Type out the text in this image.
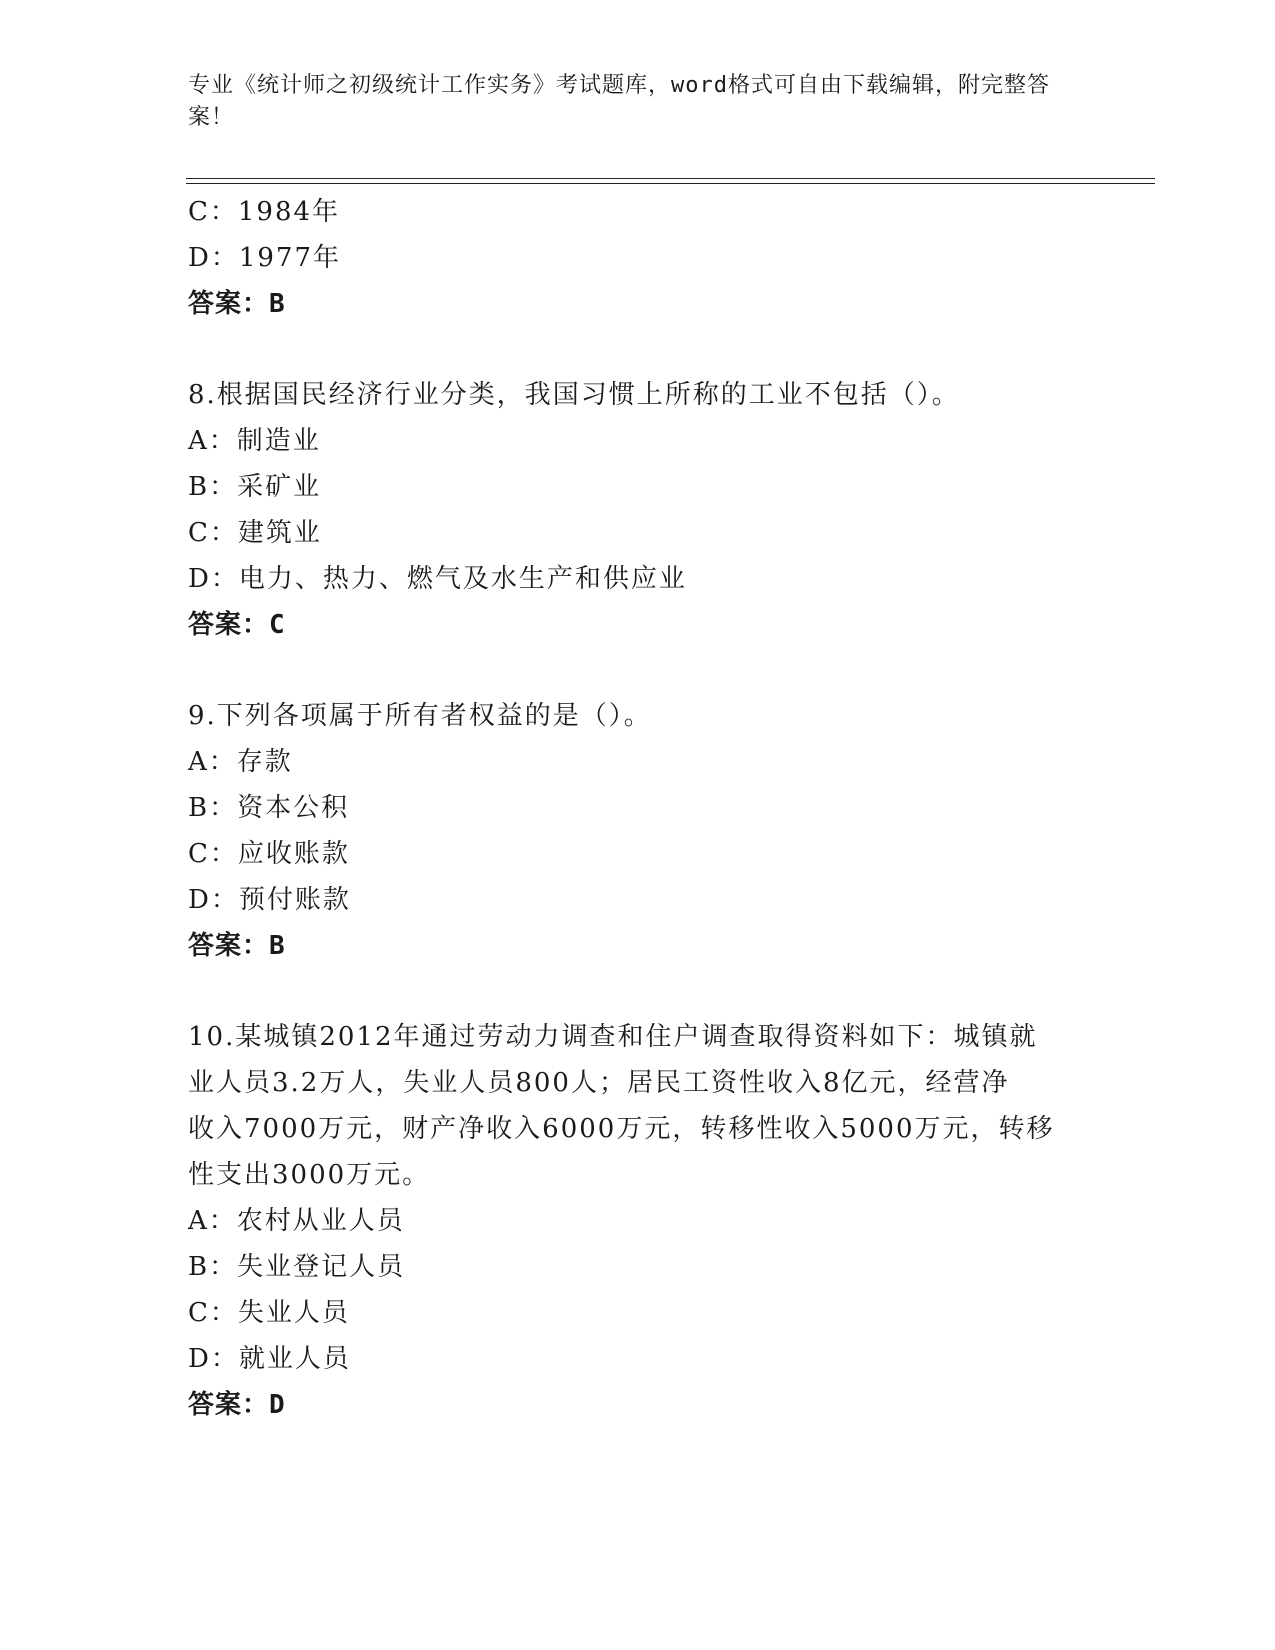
专业《统计师之初级统计工作实务》考试题库，word格式可自由下载编辑，附完整答案！
C：1984年
D：1977年
答案：B
8.根据国民经济行业分类，我国习惯上所称的工业不包括（）。
A：制造业
B：采矿业
C：建筑业
D：电力、热力、燃气及水生产和供应业
答案：C
9.下列各项属于所有者权益的是（）。
A：存款
B：资本公积
C：应收账款
D：预付账款
答案：B
10.某城镇2012年通过劳动力调查和住户调查取得资料如下：城镇就
业人员3.2万人，失业人员800人；居民工资性收入8亿元，经营净
收入7000万元，财产净收入6000万元，转移性收入5000万元，转移
性支出3000万元。
A：农村从业人员
B：失业登记人员
C：失业人员
D：就业人员
答案：D
